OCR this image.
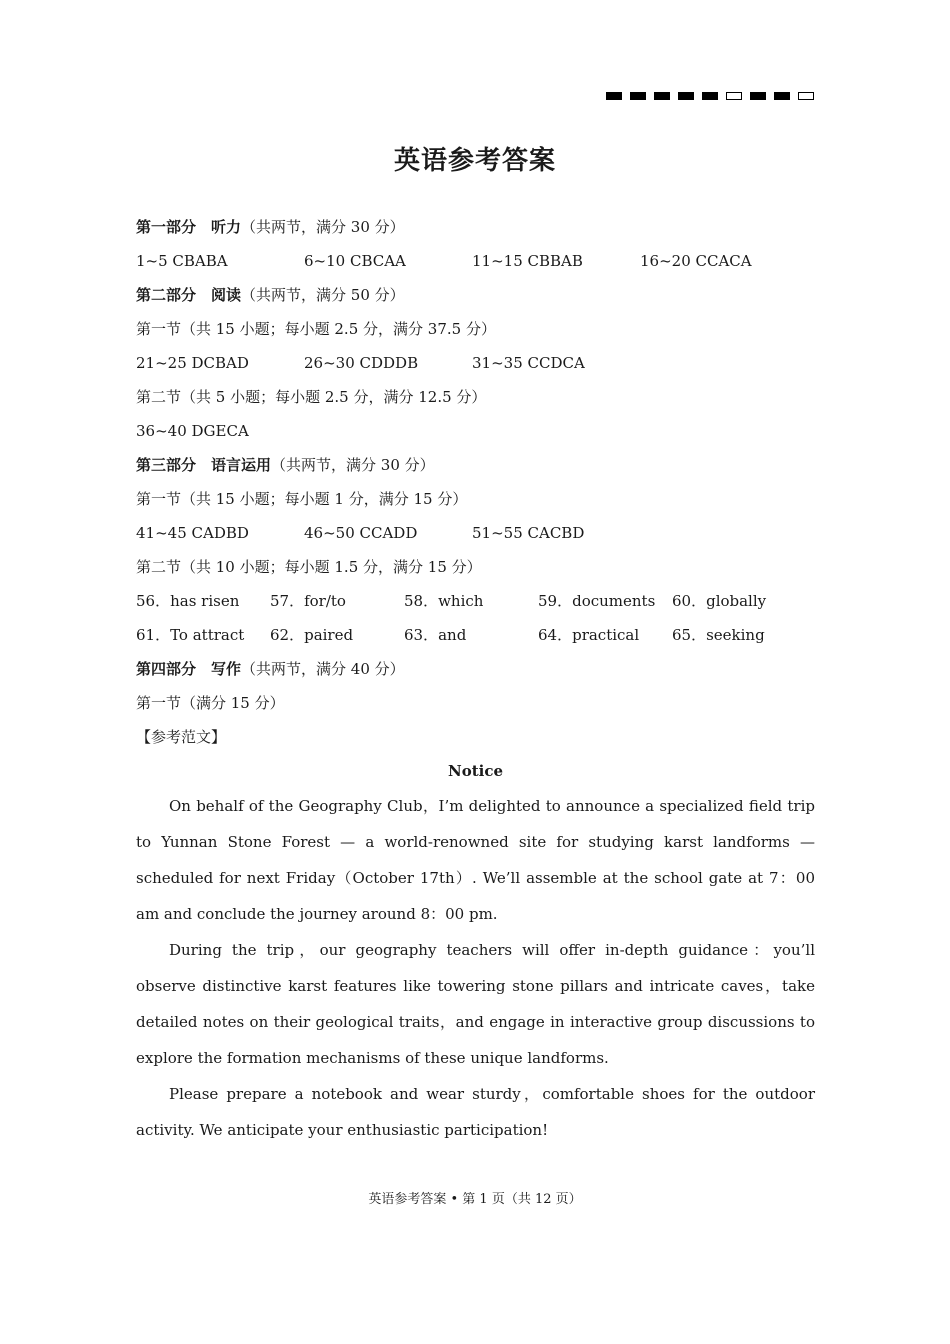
英语参考答案
第一部分　听力（共两节，满分 30 分）
1~5 CBABA	6~10 CBCAA	11~15 CBBAB	16~20 CCACA
第二部分　阅读（共两节，满分 50 分）
第一节（共 15 小题；每小题 2.5 分，满分 37.5 分）
21~25 DCBAD	26~30 CDDDB	31~35 CCDCA
第二节（共 5 小题；每小题 2.5 分，满分 12.5 分）
36~40 DGECA
第三部分　语言运用（共两节，满分 30 分）
第一节（共 15 小题；每小题 1 分，满分 15 分）
41~45 CADBD	46~50 CCADD	51~55 CACBD
第二节（共 10 小题；每小题 1.5 分，满分 15 分）
56．has risen 57．for/to	58．which	59．documents 60．globally
61．To attract 62．paired	63．and	64．practical 65．seeking
第四部分　写作（共两节，满分 40 分）
第一节（满分 15 分）
【参考范文】
Notice

On behalf of the Geography Club，I’m delighted to announce a specialized field trip to Yunnan Stone Forest — a world-renowned site for studying karst landforms — scheduled for next Friday（October 17th）. We’ll assemble at the school gate at 7：00 am and conclude the journey around 8：00 pm.

During the trip，our geography teachers will offer in-depth guidance：you’ll observe distinctive karst features like towering stone pillars and intricate caves，take detailed notes on their geological traits，and engage in interactive group discussions to explore the formation mechanisms of these unique landforms.

Please prepare a notebook and wear sturdy，comfortable shoes for the outdoor activity. We anticipate your enthusiastic participation!

英语参考答案 • 第 1 页（共 12 页）
